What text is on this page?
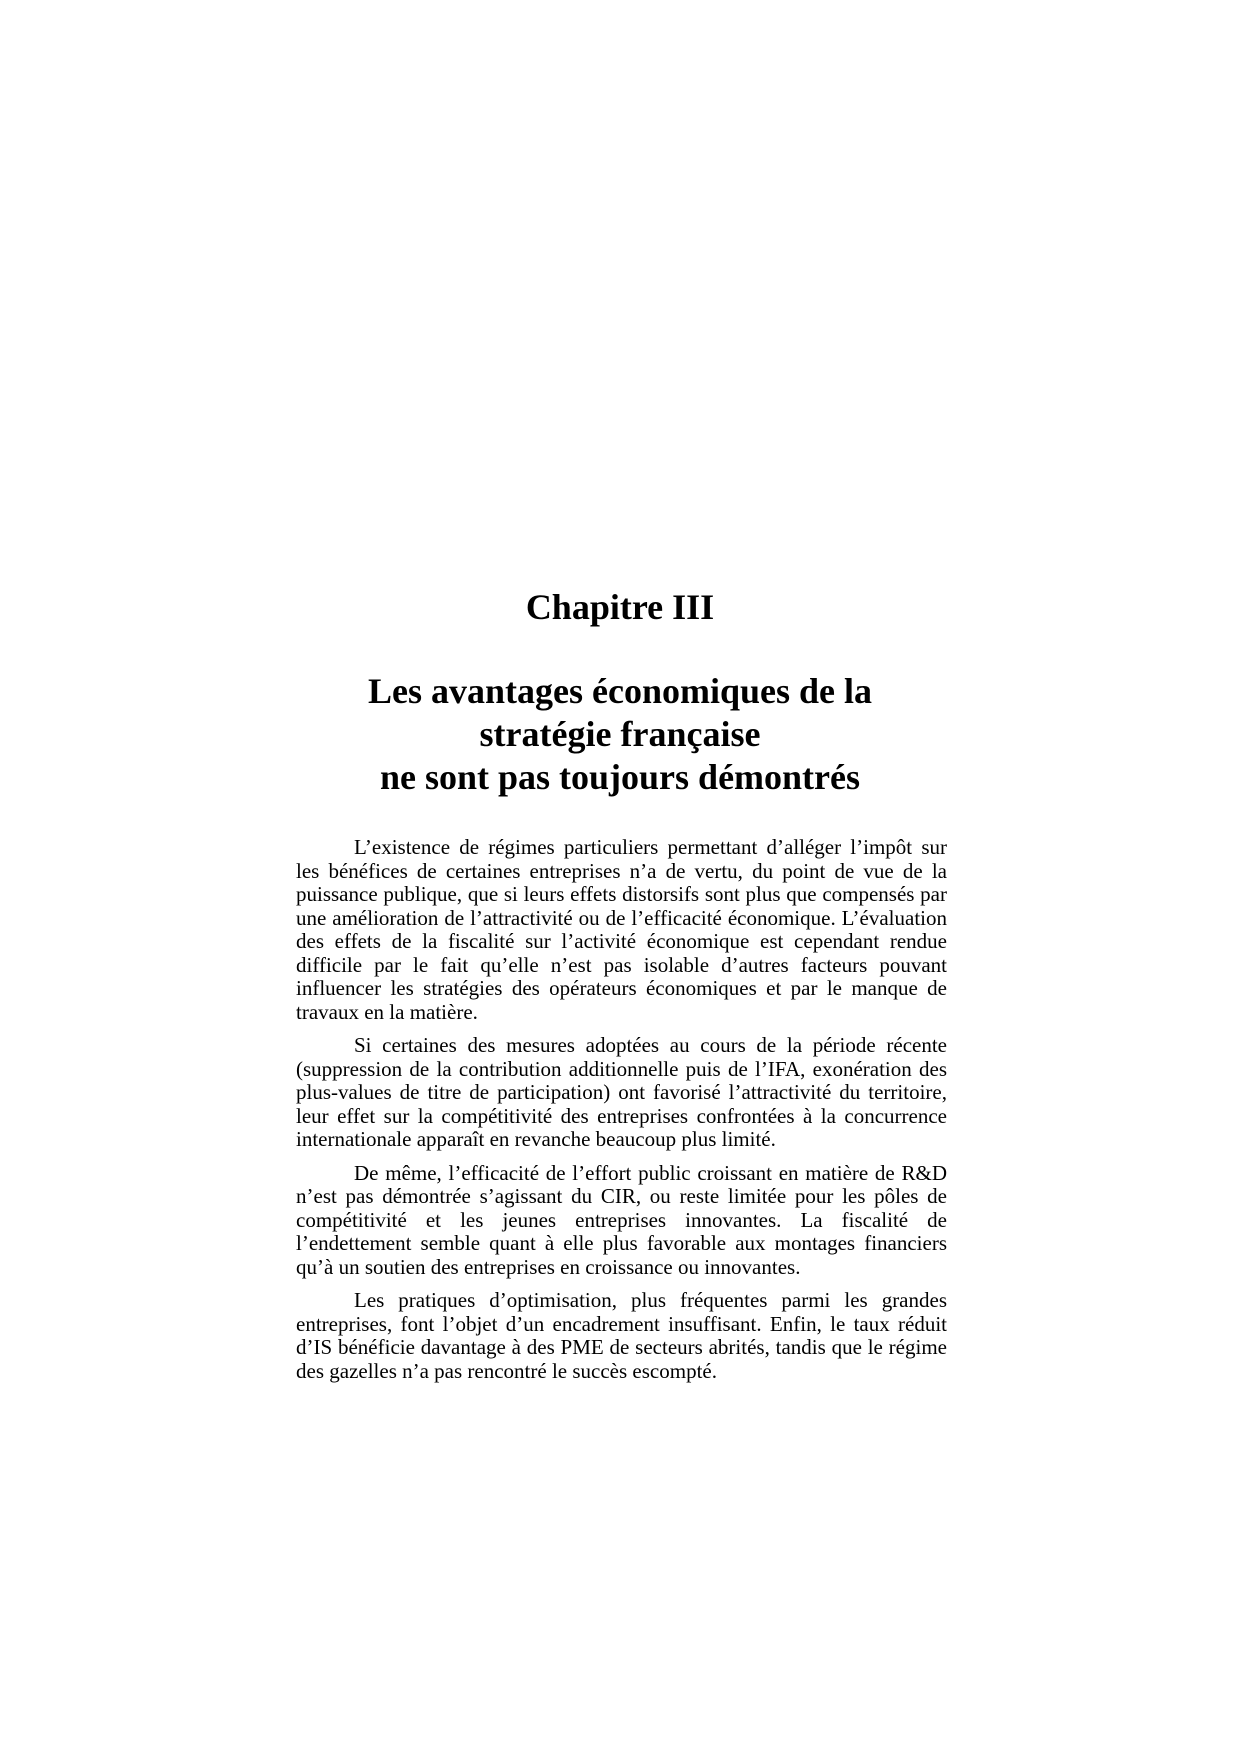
Chapitre III
Les avantages économiques de la
stratégie française
ne sont pas toujours démontrés

L’existence de régimes particuliers permettant d’alléger l’impôt sur les bénéfices de certaines entreprises n’a de vertu, du point de vue de la puissance publique, que si leurs effets distorsifs sont plus que compensés par une amélioration de l’attractivité ou de l’efficacité économique. L’évaluation des effets de la fiscalité sur l’activité économique est cependant rendue difficile par le fait qu’elle n’est pas isolable d’autres facteurs pouvant influencer les stratégies des opérateurs économiques et par le manque de travaux en la matière.

Si certaines des mesures adoptées au cours de la période récente (suppression de la contribution additionnelle puis de l’IFA, exonération des plus-values de titre de participation) ont favorisé l’attractivité du territoire, leur effet sur la compétitivité des entreprises confrontées à la concurrence internationale apparaît en revanche beaucoup plus limité.

De même, l’efficacité de l’effort public croissant en matière de R&D n’est pas démontrée s’agissant du CIR, ou reste limitée pour les pôles de compétitivité et les jeunes entreprises innovantes. La fiscalité de l’endettement semble quant à elle plus favorable aux montages financiers qu’à un soutien des entreprises en croissance ou innovantes.

Les pratiques d’optimisation, plus fréquentes parmi les grandes entreprises, font l’objet d’un encadrement insuffisant. Enfin, le taux réduit d’IS bénéficie davantage à des PME de secteurs abrités, tandis que le régime des gazelles n’a pas rencontré le succès escompté.
